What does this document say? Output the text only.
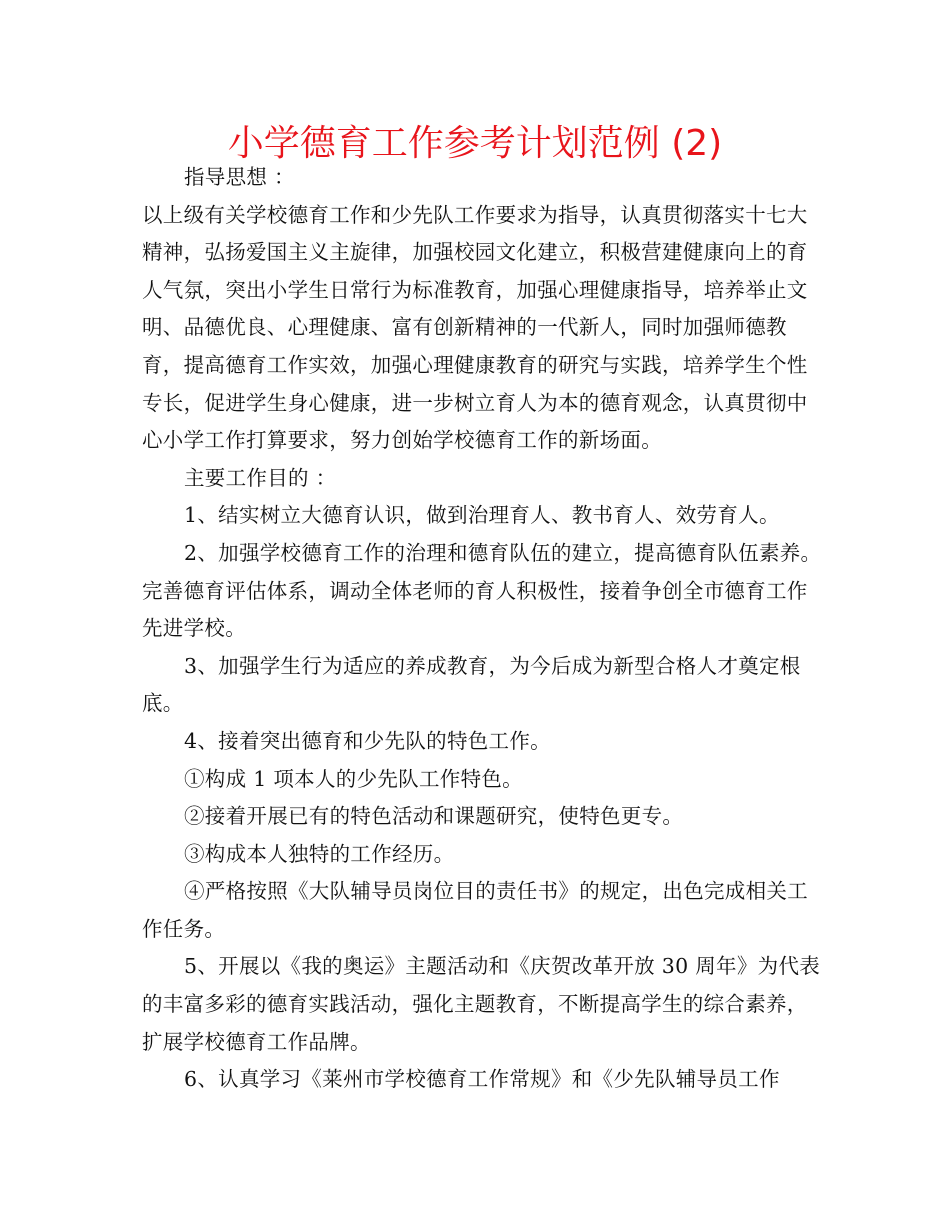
小学德育工作参考计划范例 (2)

指导思想 ：

以上级有关学校德育工作和少先队工作要求为指导，认真贯彻落实十七大精神，弘扬爱国主义主旋律，加强校园文化建立，积极营建健康向上的育人气氛，突出小学生日常行为标准教育，加强心理健康指导，培养举止文明、品德优良、心理健康、富有创新精神的一代新人，同时加强师德教育，提高德育工作实效，加强心理健康教育的研究与实践，培养学生个性专长，促进学生身心健康，进一步树立育人为本的德育观念，认真贯彻中心小学工作打算要求，努力创始学校德育工作的新场面。

主要工作目的 ：

1、结实树立大德育认识，做到治理育人、教书育人、效劳育人。

2、加强学校德育工作的治理和德育队伍的建立，提高德育队伍素养。完善德育评估体系，调动全体老师的育人积极性，接着争创全市德育工作先进学校。

3、加强学生行为适应的养成教育，为今后成为新型合格人才奠定根底。

4、接着突出德育和少先队的特色工作。

①构成 1 项本人的少先队工作特色。

②接着开展已有的特色活动和课题研究，使特色更专。

③构成本人独特的工作经历。

④严格按照《大队辅导员岗位目的责任书》的规定，出色完成相关工作任务。

5、开展以《我的奥运》主题活动和《庆贺改革开放 30 周年》为代表的丰富多彩的德育实践活动，强化主题教育，不断提高学生的综合素养，扩展学校德育工作品牌。

6、认真学习《莱州市学校德育工作常规》和《少先队辅导员工作
